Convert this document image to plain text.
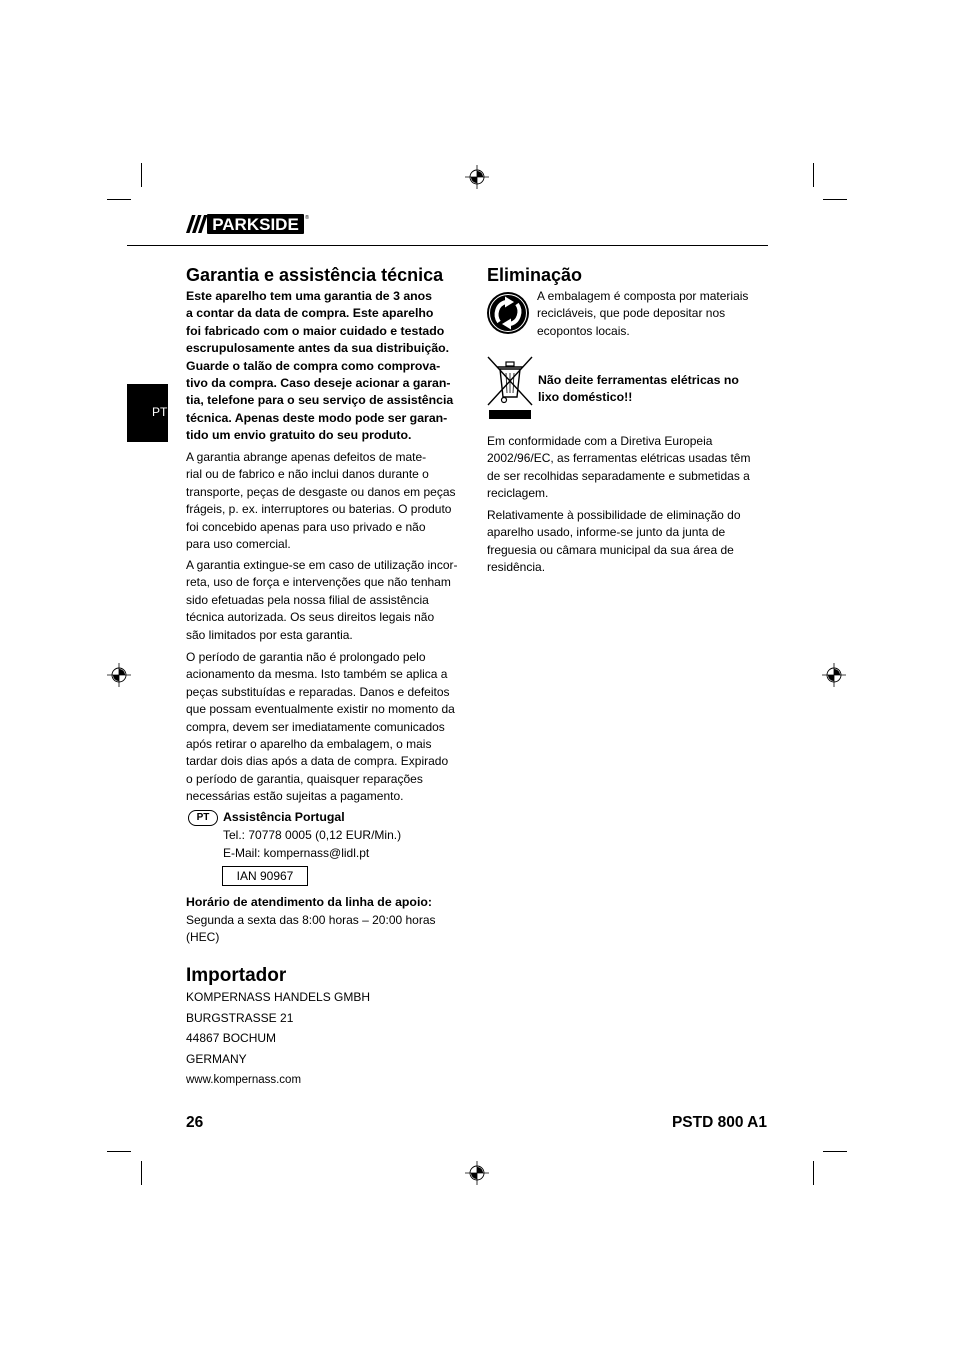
PARKSIDE ®
PT
Garantia e assistência técnica
Este aparelho tem uma garantia de 3 anos
a contar da data de compra. Este aparelho
foi fabricado com o maior cuidado e testado
escrupulosamente antes da sua distribuição.
Guarde o talão de compra como comprova-
tivo da compra. Caso deseje acionar a garan-
tia, telefone para o seu serviço de assistência
técnica. Apenas deste modo pode ser garan-
tido um envio gratuito do seu produto.
A garantia abrange apenas defeitos de mate-
rial ou de fabrico e não inclui danos durante o
transporte, peças de desgaste ou danos em peças
frágeis, p. ex. interruptores ou baterias. O produto
foi concebido apenas para uso privado e não
para uso comercial.
A garantia extingue-se em caso de utilização incor-
reta, uso de força e intervenções que não tenham
sido efetuadas pela nossa filial de assistência
técnica autorizada. Os seus direitos legais não
são limitados por esta garantia.
O período de garantia não é prolongado pelo
acionamento da mesma. Isto também se aplica a
peças substituídas e reparadas. Danos e defeitos
que possam eventualmente existir no momento da
compra, devem ser imediatamente comunicados
após retirar o aparelho da embalagem, o mais
tardar dois dias após a data de compra. Expirado
o período de garantia, quaisquer reparações
necessárias estão sujeitas a pagamento.
PT	Assistência Portugal
Tel.: 70778 0005 (0,12 EUR/Min.)
E-Mail: kompernass@lidl.pt
IAN 90967
Horário de atendimento da linha de apoio:
Segunda a sexta das 8:00 horas – 20:00 horas
(HEC)
Importador
KOMPERNASS HANDELS GMBH
BURGSTRASSE 21
44867 BOCHUM
GERMANY
www.kompernass.com
Eliminação
A embalagem é composta por materiais
recicláveis, que pode depositar nos
ecopontos locais.
Não deite ferramentas elétricas no
lixo doméstico!!
Em conformidade com a Diretiva Europeia
2002/96/EC, as ferramentas elétricas usadas têm
de ser recolhidas separadamente e submetidas a
reciclagem.
Relativamente à possibilidade de eliminação do
aparelho usado, informe-se junto da junta de
freguesia ou câmara municipal da sua área de
residência.
26	PSTD 800 A1
